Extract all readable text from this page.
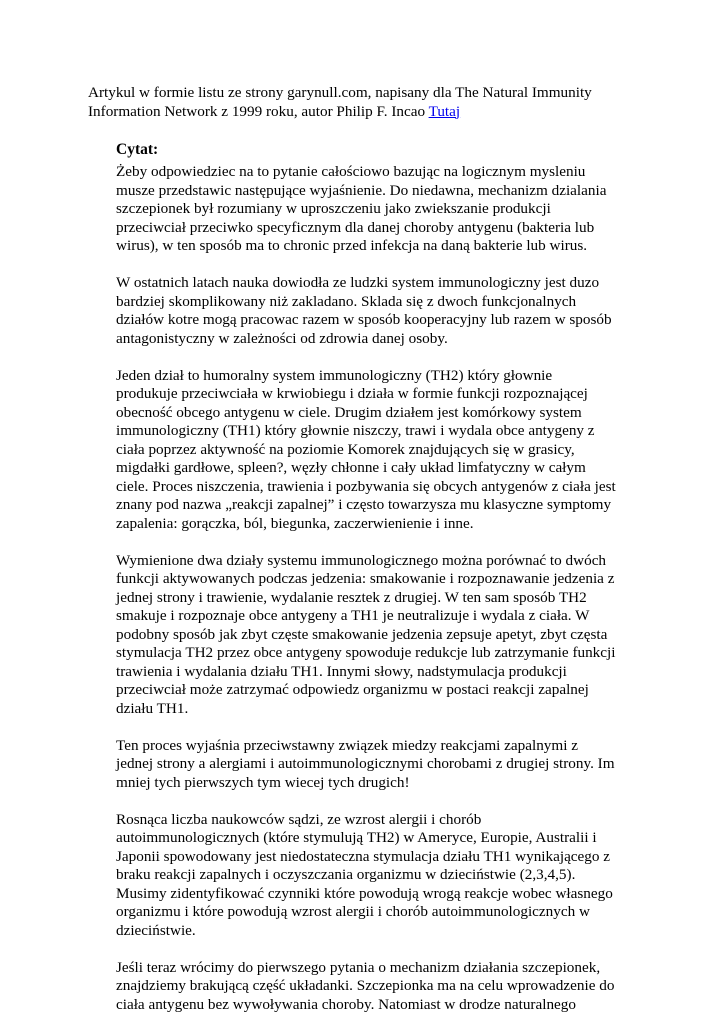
Artykul w formie listu ze strony garynull.com, napisany dla The Natural Immunity Information Network z 1999 roku, autor Philip F. Incao Tutaj

Cytat:

Żeby odpowiedziec na to pytanie całościowo bazując na logicznym mysleniu musze przedstawic następujące wyjaśnienie. Do niedawna, mechanizm dzialania szczepionek był rozumiany w uproszczeniu jako zwiekszanie produkcji przeciwciał przeciwko specyficznym dla danej choroby antygenu (bakteria lub wirus), w ten sposób ma to chronic przed infekcja na daną bakterie lub wirus.

W ostatnich latach nauka dowiodła ze ludzki system immunologiczny jest duzo bardziej skomplikowany niż zakladano. Sklada się z dwoch funkcjonalnych działów kotre mogą pracowac razem w sposób kooperacyjny lub razem w sposób antagonistyczny w zależności od zdrowia danej osoby.

Jeden dział to humoralny system immunologiczny (TH2) który głownie produkuje przeciwciała w krwiobiegu i działa w formie funkcji rozpoznającej obecność obcego antygenu w ciele. Drugim działem jest komórkowy system immunologiczny (TH1) który głownie niszczy, trawi i wydala obce antygeny z ciała poprzez aktywność na poziomie Komorek znajdujących się w grasicy, migdałki gardłowe, spleen?, węzły chłonne i cały układ limfatyczny w całym ciele. Proces niszczenia, trawienia i pozbywania się obcych antygenów z ciała jest znany pod nazwa „reakcji zapalnej” i często towarzysza mu klasyczne symptomy zapalenia: gorączka, ból, biegunka, zaczerwienienie i inne.

Wymienione dwa działy systemu immunologicznego można porównać to dwóch funkcji aktywowanych podczas jedzenia: smakowanie i rozpoznawanie jedzenia z jednej strony i trawienie, wydalanie resztek z drugiej. W ten sam sposób TH2 smakuje i rozpoznaje obce antygeny a TH1 je neutralizuje i wydala z ciała. W podobny sposób jak zbyt częste smakowanie jedzenia zepsuje apetyt, zbyt częsta stymulacja TH2 przez obce antygeny spowoduje redukcje lub zatrzymanie funkcji trawienia i wydalania działu TH1. Innymi słowy, nadstymulacja produkcji przeciwciał może zatrzymać odpowiedz organizmu w postaci reakcji zapalnej działu TH1.

Ten proces wyjaśnia przeciwstawny związek miedzy reakcjami zapalnymi z jednej strony a alergiami i autoimmunologicznymi chorobami z drugiej strony. Im mniej tych pierwszych tym wiecej tych drugich!

Rosnąca liczba naukowców sądzi, ze wzrost alergii i chorób autoimmunologicznych (które stymulują TH2) w Ameryce, Europie, Australii i Japonii spowodowany jest niedostateczna stymulacja działu TH1 wynikającego z braku reakcji zapalnych i oczyszczania organizmu w dzieciństwie (2,3,4,5). Musimy zidentyfikować czynniki które powodują wrogą reakcje wobec własnego organizmu i które powodują wzrost alergii i chorób autoimmunologicznych w dzieciństwie.

Jeśli teraz wrócimy do pierwszego pytania o mechanizm działania szczepionek, znajdziemy brakującą część układanki. Szczepionka ma na celu wprowadzenie do ciała antygenu bez wywoływania choroby. Natomiast w drodze naturalnego
